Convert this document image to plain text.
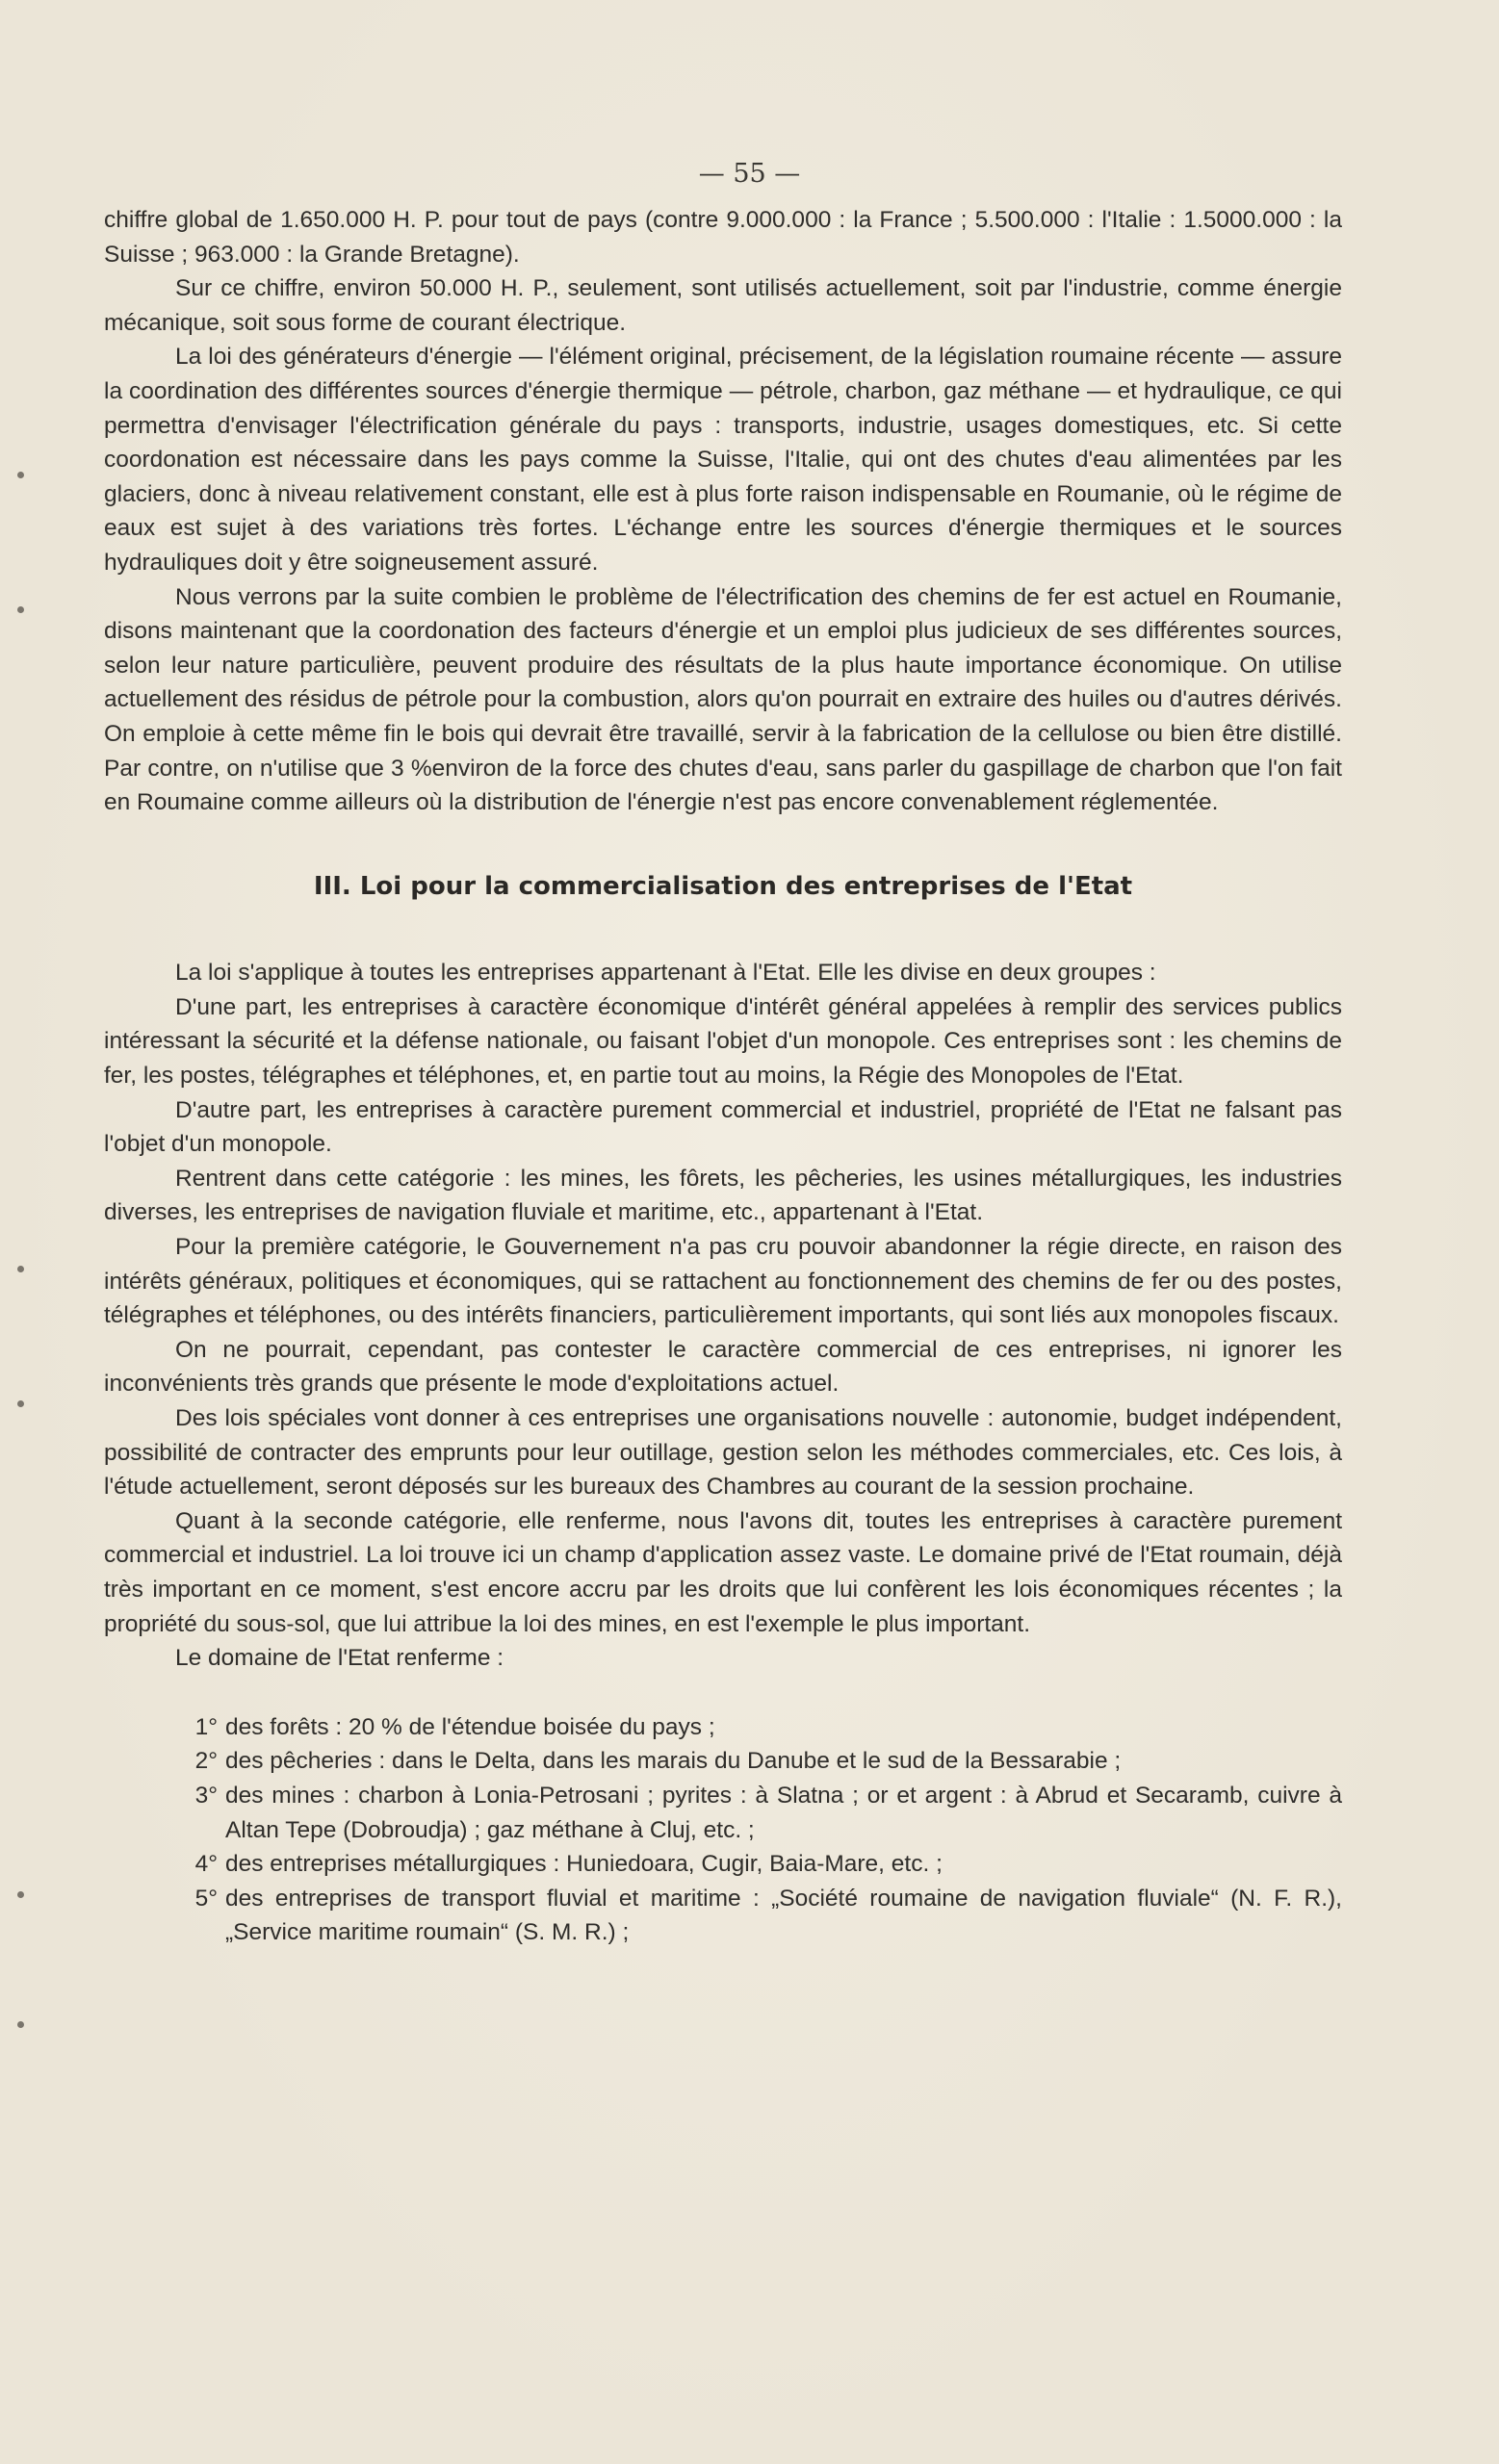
— 55 —

chiffre global de 1.650.000 H. P. pour tout de pays (contre 9.000.000 : la France ; 5.500.000 : l'Italie : 1.5000.000 : la Suisse ; 963.000 : la Grande Bretagne).

Sur ce chiffre, environ 50.000 H. P., seulement, sont utilisés actuellement, soit par l'industrie, comme énergie mécanique, soit sous forme de courant électrique.

La loi des générateurs d'énergie — l'élément original, précisement, de la législation roumaine récente — assure la coordination des différentes sources d'énergie thermique — pétrole, charbon, gaz méthane — et hydraulique, ce qui permettra d'envisager l'électrification générale du pays : transports, industrie, usages domestiques, etc. Si cette coordonation est nécessaire dans les pays comme la Suisse, l'Italie, qui ont des chutes d'eau alimentées par les glaciers, donc à niveau relativement constant, elle est à plus forte raison indispensable en Roumanie, où le régime de eaux est sujet à des variations très fortes. L'échange entre les sources d'énergie thermiques et le sources hydrauliques doit y être soigneusement assuré.

Nous verrons par la suite combien le problème de l'électrification des chemins de fer est actuel en Roumanie, disons maintenant que la coordonation des facteurs d'énergie et un emploi plus judicieux de ses différentes sources, selon leur nature particulière, peuvent produire des résultats de la plus haute importance économique. On utilise actuellement des résidus de pétrole pour la combustion, alors qu'on pourrait en extraire des huiles ou d'autres dérivés. On emploie à cette même fin le bois qui devrait être travaillé, servir à la fabrication de la cellulose ou bien être distillé. Par contre, on n'utilise que 3 %environ de la force des chutes d'eau, sans parler du gaspillage de charbon que l'on fait en Roumaine comme ailleurs où la distribution de l'énergie n'est pas encore convenablement réglementée.

III. Loi pour la commercialisation des entreprises de l'Etat

La loi s'applique à toutes les entreprises appartenant à l'Etat. Elle les divise en deux groupes :

D'une part, les entreprises à caractère économique d'intérêt général appelées à remplir des services publics intéressant la sécurité et la défense nationale, ou faisant l'objet d'un monopole. Ces entreprises sont : les chemins de fer, les postes, télégraphes et téléphones, et, en partie tout au moins, la Régie des Monopoles de l'Etat.

D'autre part, les entreprises à caractère purement commercial et industriel, propriété de l'Etat ne falsant pas l'objet d'un monopole.

Rentrent dans cette catégorie : les mines, les fôrets, les pêcheries, les usines métallurgiques, les industries diverses, les entreprises de navigation fluviale et maritime, etc., appartenant à l'Etat.

Pour la première catégorie, le Gouvernement n'a pas cru pouvoir abandonner la régie directe, en raison des intérêts généraux, politiques et économiques, qui se rattachent au fonctionnement des chemins de fer ou des postes, télégraphes et téléphones, ou des intérêts financiers, particulièrement importants, qui sont liés aux monopoles fiscaux.

On ne pourrait, cependant, pas contester le caractère commercial de ces entreprises, ni ignorer les inconvénients très grands que présente le mode d'exploitations actuel.

Des lois spéciales vont donner à ces entreprises une organisations nouvelle : autonomie, budget indépendent, possibilité de contracter des emprunts pour leur outillage, gestion selon les méthodes commerciales, etc. Ces lois, à l'étude actuellement, seront déposés sur les bureaux des Chambres au courant de la session prochaine.

Quant à la seconde catégorie, elle renferme, nous l'avons dit, toutes les entreprises à caractère purement commercial et industriel. La loi trouve ici un champ d'application assez vaste. Le domaine privé de l'Etat roumain, déjà très important en ce moment, s'est encore accru par les droits que lui confèrent les lois économiques récentes ; la propriété du sous-sol, que lui attribue la loi des mines, en est l'exemple le plus important.

Le domaine de l'Etat renferme :

1° des forêts : 20 % de l'étendue boisée du pays ;
2° des pêcheries : dans le Delta, dans les marais du Danube et le sud de la Bessarabie ;
3° des mines : charbon à Lonia-Petrosani ; pyrites : à Slatna ; or et argent : à Abrud et Secaramb, cuivre à Altan Tepe (Dobroudja) ; gaz méthane à Cluj, etc. ;
4° des entreprises métallurgiques : Huniedoara, Cugir, Baia-Mare, etc. ;
5° des entreprises de transport fluvial et maritime : „Société roumaine de navigation fluviale“ (N. F. R.), „Service maritime roumain“ (S. M. R.) ;
